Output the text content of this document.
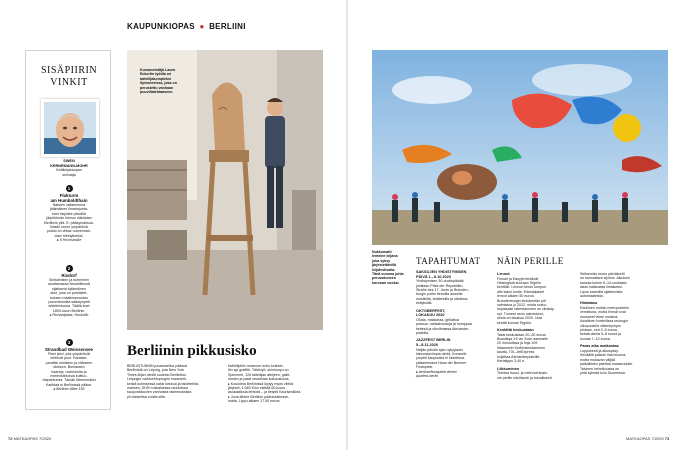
KAUPUNKIOPAS ● BERLIINI
SISÄPIIRIN
VINKIT
SWEN
KERNEMANN-MOHR
Kettikirjakaupan
omistaja
1
Flakturm
am Humboldthain
Natsien vallanneena
jättimäinen ilmatorjunta-
torni tarjoilee päivällä
järjettömän hienon näköalan
Berliiniin yllä. E: pääsymaksua.
Illasiin tonne ympäröivä
puisto on vilkas nuorennan-
viam tileetykseksi.
▸ 5 Hochstraße
2
Rixdorf
Sinituleisten ja bohemien
asuttamassa Neuköllinssä
sijaitseva kylämäinen
alue, joka on puhdistet-
tuissen maailmansodan
pommituksilta säästynyttä
arkkitehtuuria. Täällä koet
1800-luvun Berliinin.
▸ Richardplatz, Neukölln
3
Strandbad Weissensee
Pieni järvi, jota ympäröivät
lehtevät puut. Karaiset-
paratiisi uimiseen ja viiteseen
ideksen. Bomaksen
baareja, ravintoloita ja
mielenkiintoisia kulttuu-
ritapahtumia. Tämän lähemmäksi
Karibiaa ei Berliinissä pääse.
▸ Berliner Allee 155
Kuvanveistäjä Laura
Eckertin työtila on
taiteilijakompleksi
Spinnereissa, joka on
perustettu vanhaan
puuvillatehtaaseen.
Berliinin pikkusisko
BERLINTUNNIN junassaelius päässä
Berliinistä on Leipzig, jota New York
Times liiljan nimitti uudeksi Berliiniksi.
Leipzigin vaihtoehtoprogrin maamerk-
keistä kolmisessä kaksi kirkkoa ja taidetehtai-
marisen, DDR:n aikaisessa raunioissa
kaupunkikuvien vanhoista rakennuksista
yli viisiseitsa vuotta sittn.
kivihiilipiilin museoon eniin kotiutet-
tiin syt graffitit. Tähtivyö: skinhonyu on
Spinnerei, 120 taiteilijan ateljeen, galle-
riosien ja paiat ravintolan kokonaisuus.
▸ Koululeta Berliinissä löytyy myös vilekä
järjestö, 1:083 Kino esittää 60-luvun
asukalaiksia lehtiotä – ja tietysti Kaurismäkeä.
▸ Juna lähtee Berliinin päärautatiease-
malta. Lippu alkaen 17,50 euroa.
Nukkumatti
lentelee leijana
joka syksy
järjestettävillä
leijafestivalla.
Tänä vuonna juhla
peruuntuneen
koronan vuoksi.
TAPAHTUMAT
SAKSOJEN YHDISTYMISEN
PÄIVÄ 1.–5.10.2020
Yhdistymisen 30-vuotispäivää
juhlitaan Platz der Republikin,
Straße des 17. Junin ja Branden-
burgin portin tienoilla alueella
musiikilla, teattereilla ja ulkoilma-
esityksillä.
OKTOBERFEST,
LOKAKUU 2020
Olutta, makkaraa, grillattua
possua, nahkahousuja ja humppaa
tiettesä ja ulkoilmassa Alexander-
platzilla.
JAZZFEST BERLIN
5.–8.11.2020
Neljän päivän ajan nykyjazzin
kiinnostavimpia nimiä. Konsertit
ympäri kaupunkia ei klubeissa,
pääareenana Haus der Berliner
Festspiele.
▸ berlinerfestspiele.de/en/
jazzfest-berlin
NÄIN PERILLE
Lennot
Finnair ja Easyjet lentävät
Helsingistä suoraan Tegelin
kentälle. Lennon kesto tompun
alle kaksi tuntia. Edestakaiset
lennot alkaen 50 euroa.
Brandenburgin lentokentän piti
valmistua jo 2012, mutta surku-
hupaisasti rakentaminen on viivästy-
nyt. Tuoreet arvio valmistumi-
sesta on lokakuu 2020. Uusi
kenttä korvaa Tegelin.
Kentältä keskustaan
Taksi keskustaan 20–30 euroa.
Bussilinja X9 vie Zoon asemalle
20 minuutissa ja linja 109
hitaammin Kurfürstendammen
kautta. TXL-JetExpress
kuljettaa Alexanderplatzille.
Kertalippu 3,40 e.
Liikkuminen
Toimiva bussi- ja metroverkosto
vie perille edullisesti ja turvallisesti.
Seitsemän euron päiväkortti
on kannattava sijoitus. Aikuisen
kanssa kolme 6–14-vuotiasta
lasta matkustaa ilmaiseksi.
Lipun saamilla sijaitsevista
automaateista.
Hintataso
Edullinen muihin metropoleihin
verrattuna, mutta hinnat ovat
nousseet viime vuosina.
Asiallinen hostellissa seurugin
ulkopuolella viidenkympin
pintaan, olut 2–5 euroa,
kebab-ateria 5–8 euroa ja
lounas 7–10 euroa.
Paras aika matkustaa
Loppukesä ja alkusyksy.
Keväällä paikoin liian kuuma,
mutta mukavan väljää
paikallisten paettua maaseudulle.
Talvinen helmikuussa on
yhtä kylmää kuin Suomessa.
72 MATKAOPAS 7/2020	MATKAOPAS 7/2020 73
